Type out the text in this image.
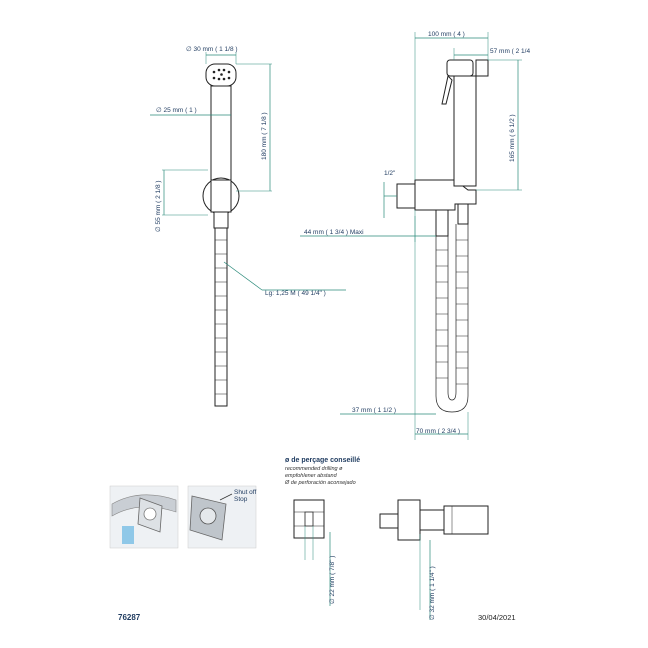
∅ 30 mm ( 1 1/8 )
∅ 25 mm ( 1 )
180 mm ( 7 1/8 )
∅ 55 mm ( 2 1/8 )
Lg: 1,25 M ( 49 1/4" )
100 mm ( 4 )
57 mm ( 2 1/4
165 mm ( 6 1/2 )
1/2"
44 mm ( 1 3/4 ) Maxi
37 mm ( 1 1/2 )
70 mm ( 2 3/4 )
ø de perçage conseillé
recommended drilling ø
empfohlener abstand
Ø de perforación aconsejado
∅ 22 mm ( 7/8" )	∅ 32 mm ( 1 1/4" )
Shut off
Stop
76287	30/04/2021
